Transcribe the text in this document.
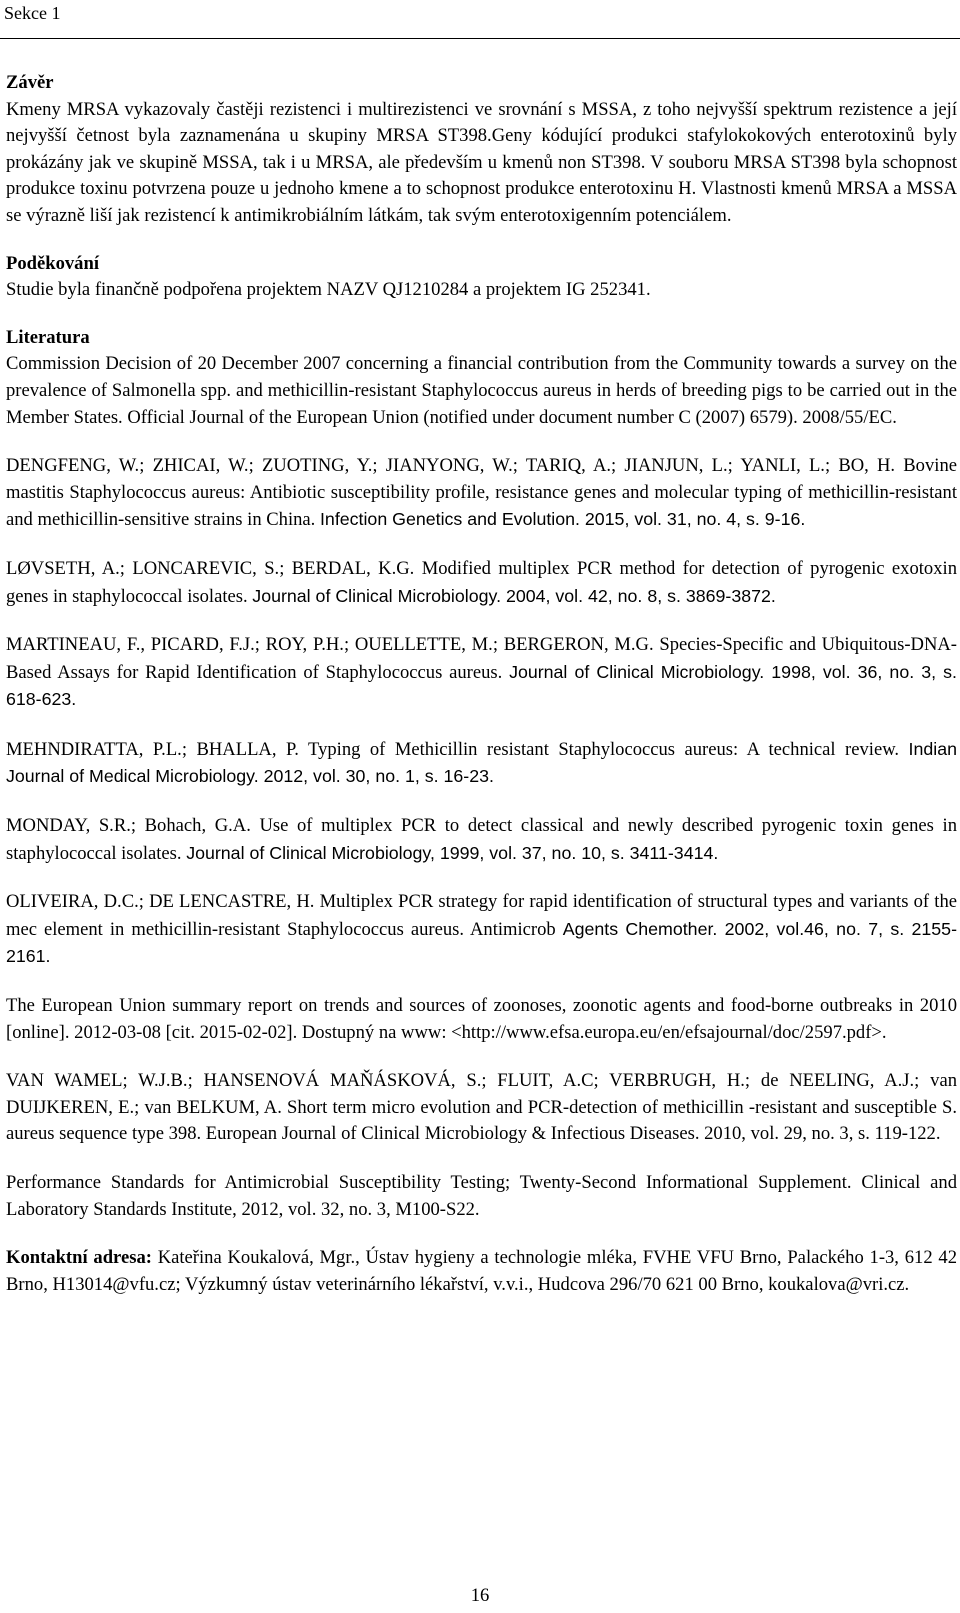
Sekce 1

Závěr

Kmeny MRSA vykazovaly častěji rezistenci i multirezistenci ve srovnání s MSSA, z toho nejvyšší spektrum rezistence a její nejvyšší četnost byla zaznamenána u skupiny MRSA ST398.Geny kódující produkci stafylokokových enterotoxinů byly prokázány jak ve skupině MSSA, tak i u MRSA, ale především u kmenů non ST398. V souboru MRSA ST398 byla schopnost produkce toxinu potvrzena pouze u jednoho kmene a to schopnost produkce enterotoxinu H. Vlastnosti kmenů MRSA a MSSA se výrazně liší jak rezistencí k antimikrobiálním látkám, tak svým enterotoxigenním potenciálem.

Poděkování

Studie byla finančně podpořena projektem NAZV QJ1210284 a projektem IG 252341.

Literatura

Commission Decision of 20 December 2007 concerning a financial contribution from the Community towards a survey on the prevalence of Salmonella spp. and methicillin-resistant Staphylococcus aureus in herds of breeding pigs to be carried out in the Member States. Official Journal of the European Union (notified under document number C (2007) 6579). 2008/55/EC.

DENGFENG, W.; ZHICAI, W.; ZUOTING, Y.; JIANYONG, W.; TARIQ, A.; JIANJUN, L.; YANLI, L.; BO, H. Bovine mastitis Staphylococcus aureus: Antibiotic susceptibility profile, resistance genes and molecular typing of methicillin-resistant and methicillin-sensitive strains in China. Infection Genetics and Evolution. 2015, vol. 31, no. 4, s. 9-16.

LØVSETH, A.; LONCAREVIC, S.; BERDAL, K.G. Modified multiplex PCR method for detection of pyrogenic exotoxin genes in staphylococcal isolates. Journal of Clinical Microbiology. 2004, vol. 42, no. 8, s. 3869-3872.

MARTINEAU, F., PICARD, F.J.; ROY, P.H.; OUELLETTE, M.; BERGERON, M.G. Species-Specific and Ubiquitous-DNA-Based Assays for Rapid Identification of Staphylococcus aureus. Journal of Clinical Microbiology. 1998, vol. 36, no. 3, s. 618-623.

MEHNDIRATTA, P.L.; BHALLA, P. Typing of Methicillin resistant Staphylococcus aureus: A technical review. Indian Journal of Medical Microbiology. 2012, vol. 30, no. 1, s. 16-23.

MONDAY, S.R.; Bohach, G.A. Use of multiplex PCR to detect classical and newly described pyrogenic toxin genes in staphylococcal isolates. Journal of Clinical Microbiology, 1999, vol. 37, no. 10, s. 3411-3414.

OLIVEIRA, D.C.; DE LENCASTRE, H. Multiplex PCR strategy for rapid identification of structural types and variants of the mec element in methicillin-resistant Staphylococcus aureus. Antimicrob Agents Chemother. 2002, vol.46, no. 7, s. 2155-2161.

The European Union summary report on trends and sources of zoonoses, zoonotic agents and food-borne outbreaks in 2010 [online]. 2012-03-08 [cit. 2015-02-02]. Dostupný na www: <http://www.efsa.europa.eu/en/efsajournal/doc/2597.pdf>.

VAN WAMEL; W.J.B.; HANSENOVÁ MAŇÁSKOVÁ, S.; FLUIT, A.C; VERBRUGH, H.; de NEELING, A.J.; van DUIJKEREN, E.; van BELKUM, A. Short term micro evolution and PCR-detection of methicillin -resistant and susceptible S. aureus sequence type 398. European Journal of Clinical Microbiology & Infectious Diseases. 2010, vol. 29, no. 3, s. 119-122.

Performance Standards for Antimicrobial Susceptibility Testing; Twenty-Second Informational Supplement. Clinical and Laboratory Standards Institute, 2012, vol. 32, no. 3, M100-S22.

Kontaktní adresa: Kateřina Koukalová, Mgr., Ústav hygieny a technologie mléka, FVHE VFU Brno, Palackého 1-3, 612 42 Brno, H13014@vfu.cz; Výzkumný ústav veterinárního lékařství, v.v.i., Hudcova 296/70 621 00 Brno, koukalova@vri.cz.

16
